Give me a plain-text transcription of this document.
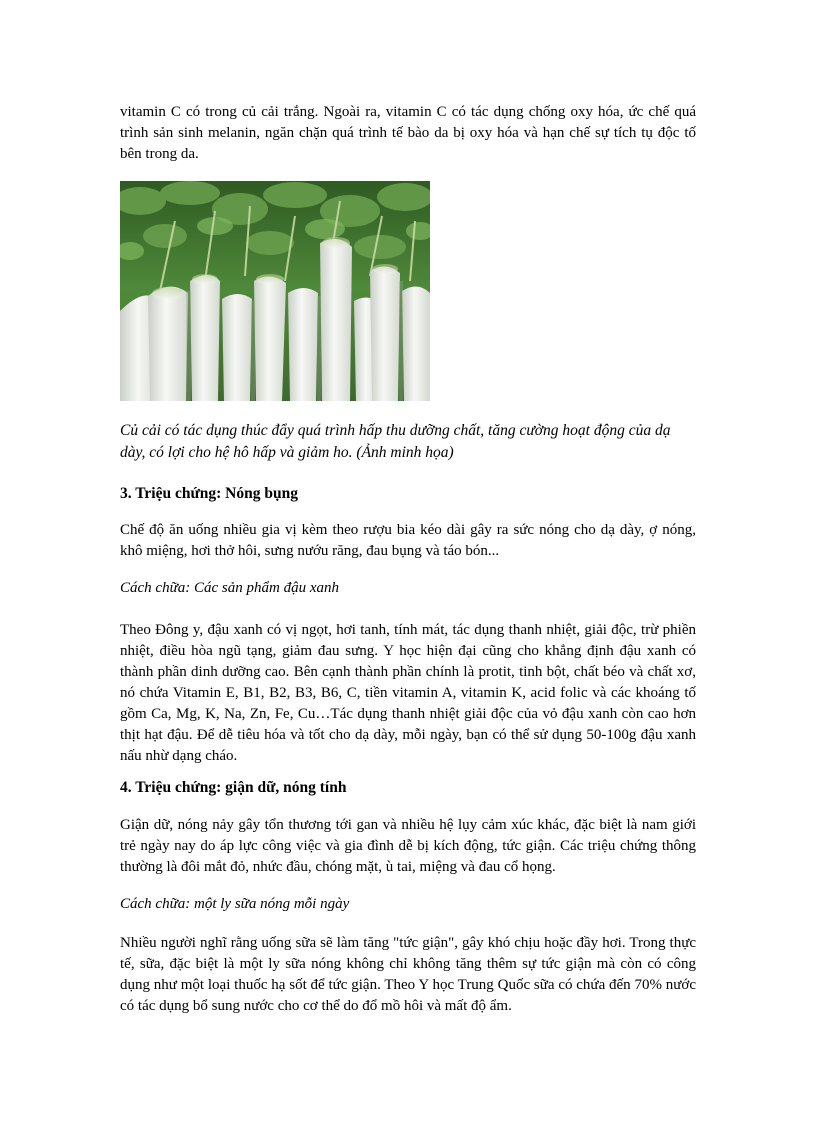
vitamin C có trong củ cải trắng. Ngoài ra, vitamin C có tác dụng chống oxy hóa, ức chế quá trình sản sinh melanin, ngăn chặn quá trình tế bào da bị oxy hóa và hạn chế sự tích tụ độc tố bên trong da.

Củ cải có tác dụng thúc đẩy quá trình hấp thu dưỡng chất, tăng cường hoạt động của dạ dày, có lợi cho hệ hô hấp và giảm ho. (Ảnh minh họa)

3. Triệu chứng: Nóng bụng

Chế độ ăn uống nhiều gia vị kèm theo rượu bia kéo dài gây ra sức nóng cho dạ dày, ợ nóng, khô miệng, hơi thở hôi, sưng nướu răng, đau bụng và táo bón...

Cách chữa: Các sản phẩm đậu xanh

Theo Đông y, đậu xanh có vị ngọt, hơi tanh, tính mát, tác dụng thanh nhiệt, giải độc, trừ phiền nhiệt, điều hòa ngũ tạng, giảm đau sưng. Y học hiện đại cũng cho khẳng định đậu xanh có thành phần dinh dưỡng cao. Bên cạnh thành phần chính là protit, tinh bột, chất béo và chất xơ, nó chứa Vitamin E, B1, B2, B3, B6, C, tiền vitamin A, vitamin K, acid folic và các khoáng tố gồm Ca, Mg, K, Na, Zn, Fe, Cu…Tác dụng thanh nhiệt giải độc của vỏ đậu xanh còn cao hơn thịt hạt đậu. Để dễ tiêu hóa và tốt cho dạ dày, mỗi ngày, bạn có thể sử dụng 50-100g đậu xanh nấu nhừ dạng cháo.

4. Triệu chứng: giận dữ, nóng tính

Giận dữ, nóng nảy gây tổn thương tới gan và nhiều hệ lụy cảm xúc khác, đặc biệt là nam giới trẻ ngày nay do áp lực công việc và gia đình dễ bị kích động, tức giận. Các triệu chứng thông thường là đôi mắt đỏ, nhức đầu, chóng mặt, ù tai, miệng và đau cổ họng.

Cách chữa: một ly sữa nóng mỗi ngày

Nhiều người nghĩ rằng uống sữa sẽ làm tăng "tức giận", gây khó chịu hoặc đầy hơi. Trong thực tế, sữa, đặc biệt là một ly sữa nóng không chỉ không tăng thêm sự tức giận mà còn có công dụng như một loại thuốc hạ sốt để tức giận. Theo Y học Trung Quốc sữa có chứa đến 70% nước có tác dụng bổ sung nước cho cơ thể do đổ mồ hôi và mất độ ẩm.
